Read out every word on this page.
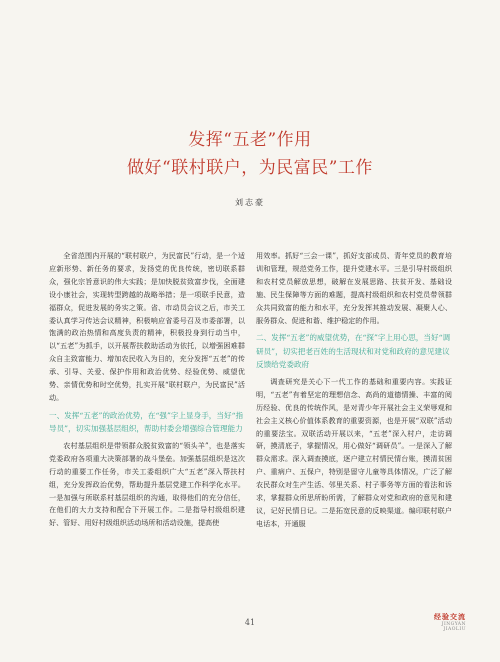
发挥“五老”作用
做好“联村联户，为民富民”工作
刘志豪

全省范围内开展的“联村联户，为民富民”行动，是一个适应新形势、新任务的要求，发扬党的优良传统，密切联系群众，强化宗旨意识的伟大实践；是加快脱贫致富步伐，全面建设小康社会，实现转型跨越的战略举措；是一项联手民意，造福群众，促进发展的务实之策。省、市动员会议之后，市关工委认真学习传达会议精神，积极响应省委号召及市委部署，以饱满的政治热情和高度负责的精神，积极投身到行动当中，以“五老”为抓手，以开展帮扶救助活动为依托，以增强困难群众自主致富能力、增加农民收入为目的，充分发挥“五老”的传承、引导、关爱、保护作用和政治优势、经验优势、威望优势、亲情优势和时空优势，扎实开展“联村联户，为民富民”活动。

一、发挥“五老”的政治优势，在“强”字上显身手，当好“指导员”，切实加强基层组织，帮助村委会增强综合管理能力

农村基层组织是带领群众脱贫致富的“领头羊”，也是落实党委政府各项重大决策部署的战斗堡垒。加强基层组织是这次行动的重要工作任务，市关工委组织广大“五老”深入帮扶村组，充分发挥政治优势，帮助提升基层党建工作科学化水平。一是加强与所联系村基层组织的沟通，取得他们的充分信任，在他们的大力支持和配合下开展工作。二是指导村级组织建好、管好、用好村级组织活动场所和活动设施，提高使

用效率。抓好“三会一课”，抓好支部成员、青年党员的教育培训和管理，规范党务工作，提升党建水平。三是引导村级组织和农村党员解放思想，破解在发展思路、扶贫开发、基础设施、民生保障等方面的难题，提高村级组织和农村党员带领群众共同致富的能力和水平，充分发挥其推动发展、凝聚人心、服务群众、促进和谐、维护稳定的作用。

二、发挥“五老”的威望优势，在“探”字上用心思，当好“调研员”，切实把老百姓的生活现状和对党和政府的意见建议反馈给党委政府

调查研究是关心下一代工作的基础和重要内容。实践证明，“五老”有着坚定的理想信念、高尚的道德情操、丰富的阅历经验、优良的传统作风，是对青少年开展社会主义荣辱观和社会主义核心价值体系教育的重要资源，也是开展“双联”活动的重要法宝。双联活动开展以来，“五老”深入村户，走访调研，摸清底子，掌握情况，用心做好“调研员”。一是深入了解群众需求。深入调查摸底，逐户建立村情民情台账，摸清贫困户、重病户、五保户，特别是留守儿童等具体情况，广泛了解农民群众对生产生活、邻里关系、村子事务等方面的看法和诉求，掌握群众所思所盼所需，了解群众对党和政府的意见和建议，记好民情日记。二是拓宽民意的反映渠道。编印联村联户电话本，开通服

41
经验交流
JINGYAN JIAOLIU
